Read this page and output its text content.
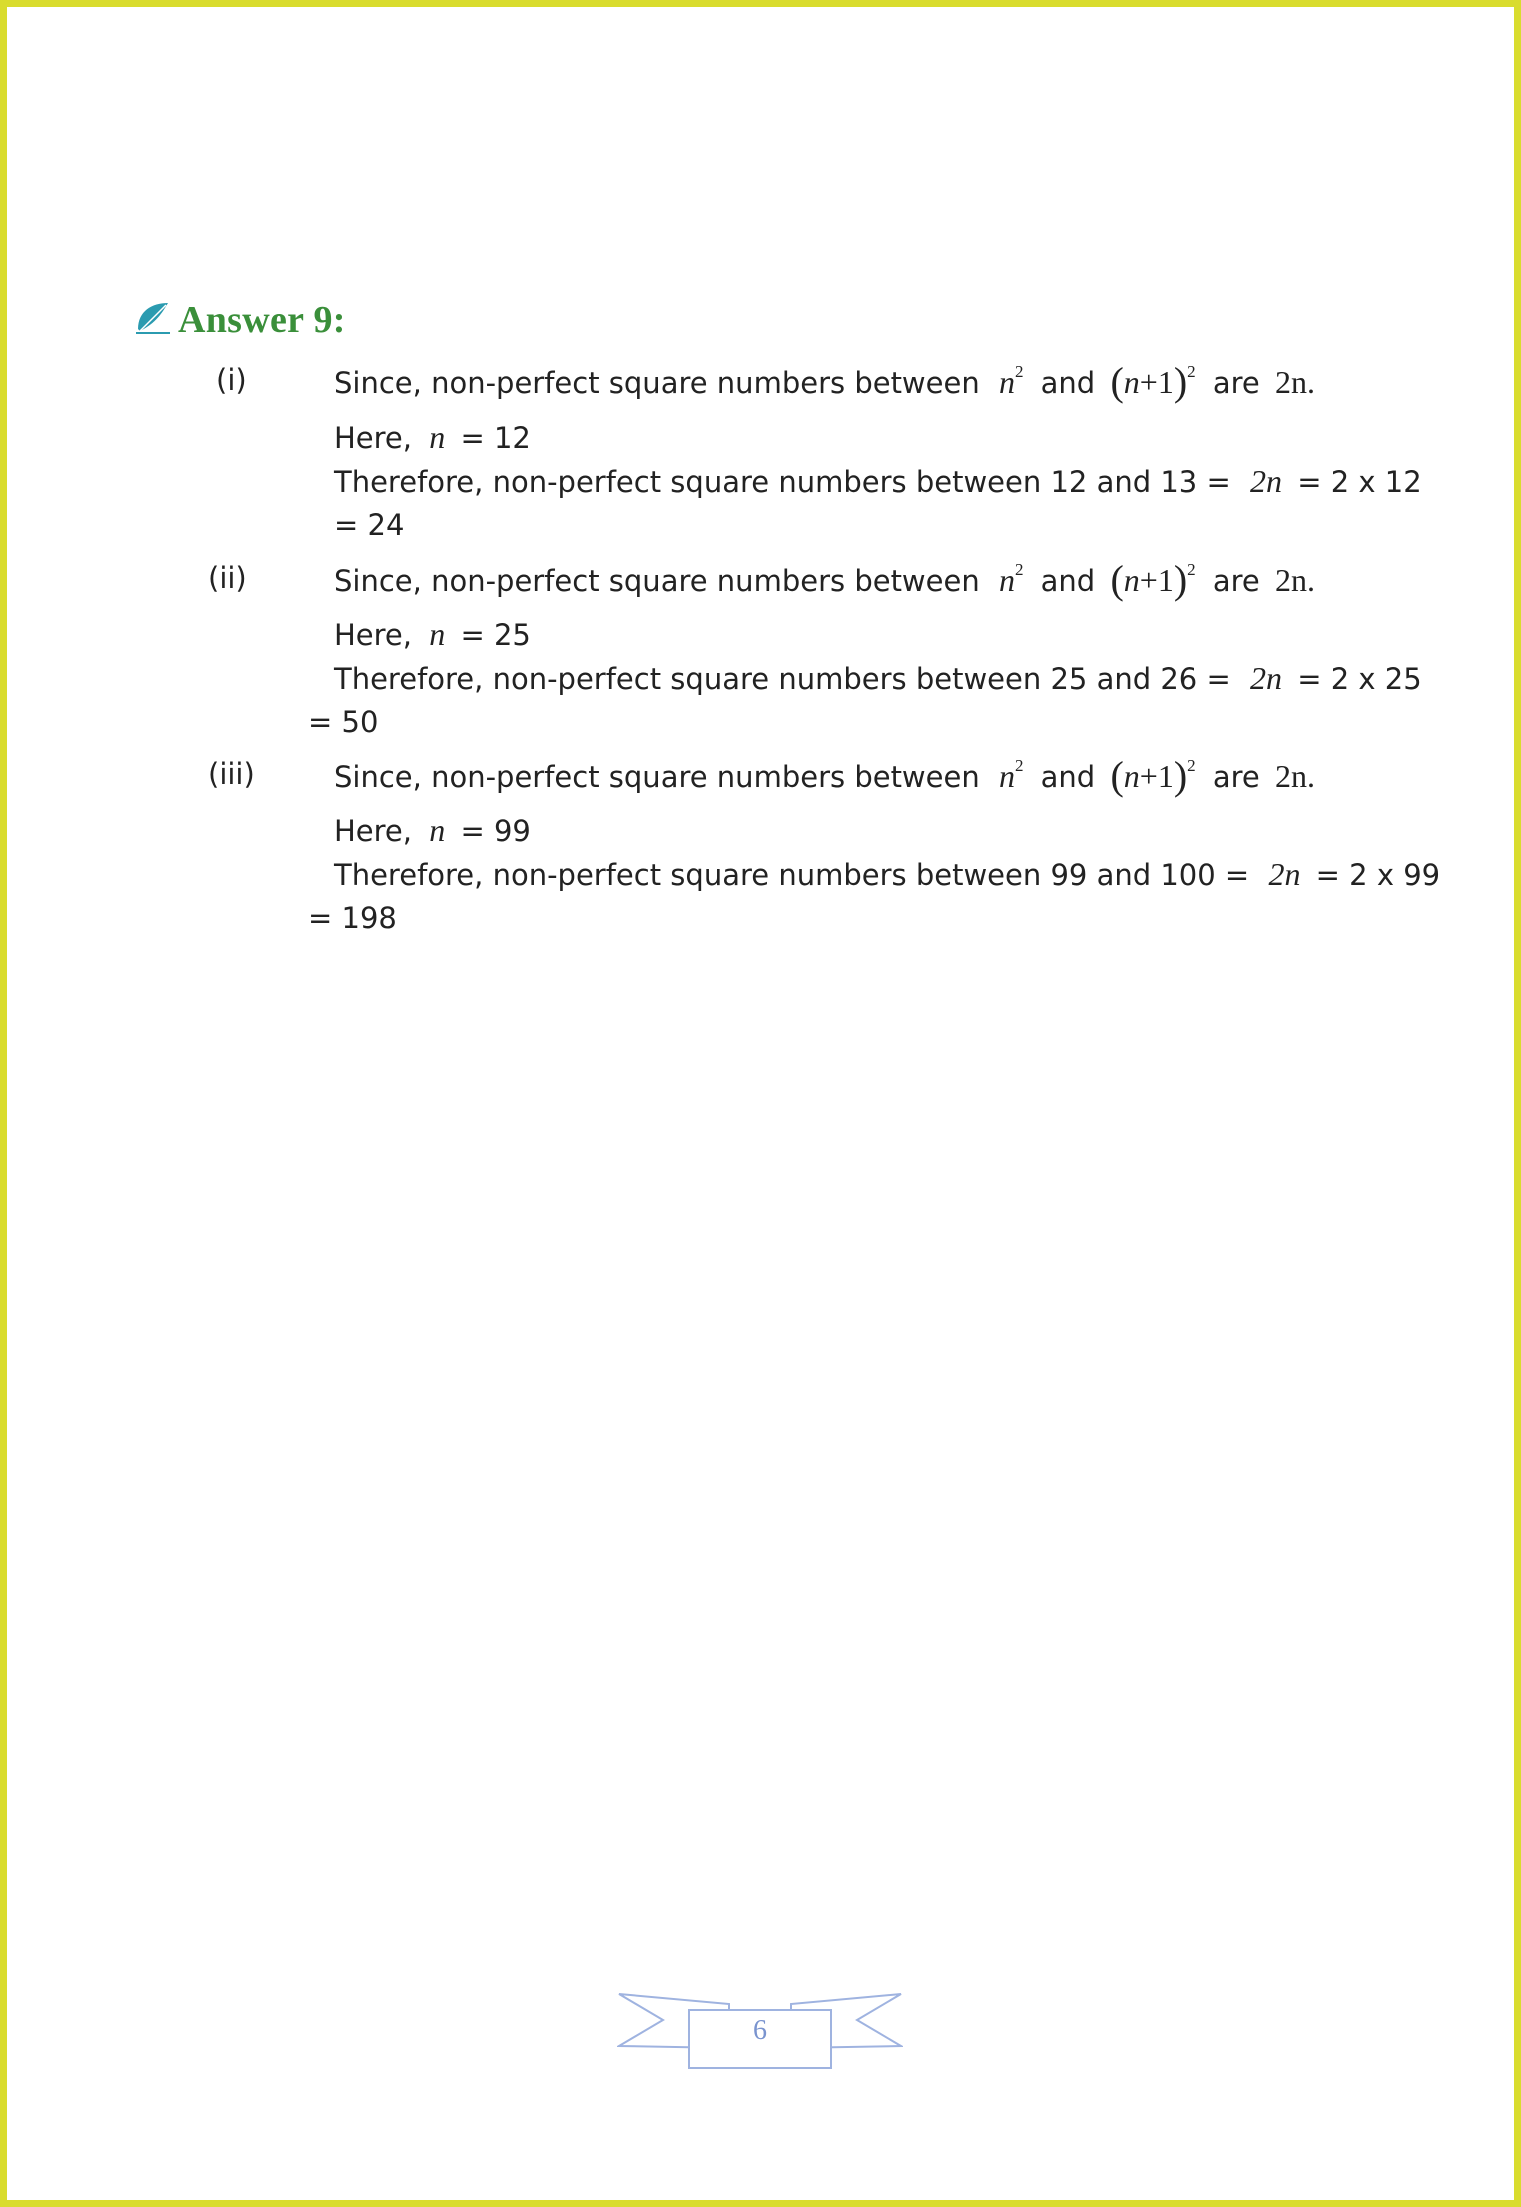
Answer 9:
(i)	Since, non-perfect square numbers between $n^2$ and $(n+1)^2$ are 2n.
Here, n = 12
Therefore, non-perfect square numbers between 12 and 13 = 2n = 2 x 12
= 24
(ii)	Since, non-perfect square numbers between $n^2$ and $(n+1)^2$ are 2n.
Here, n = 25
Therefore, non-perfect square numbers between 25 and 26 = 2n = 2 x 25
= 50
(iii)	Since, non-perfect square numbers between $n^2$ and $(n+1)^2$ are 2n.
Here, n = 99
Therefore, non-perfect square numbers between 99 and 100 = 2n = 2 x 99
= 198
6
